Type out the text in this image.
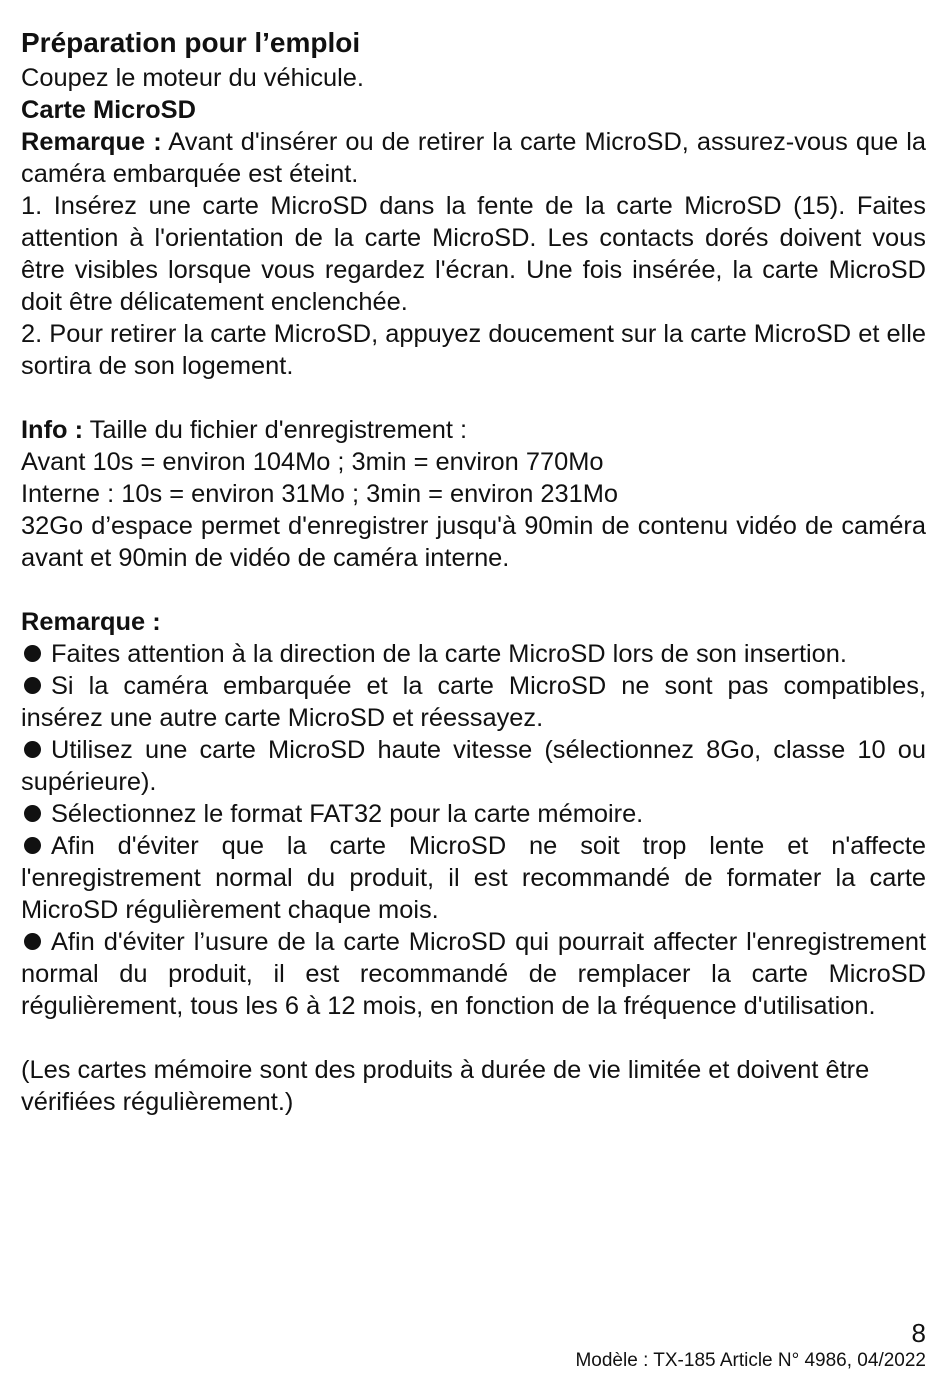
Préparation pour l’emploi

Coupez le moteur du véhicule.

Carte MicroSD

Remarque : Avant d'insérer ou de retirer la carte MicroSD, assurez-vous que la caméra embarquée est éteint.

1. Insérez une carte MicroSD dans la fente de la carte MicroSD (15). Faites attention à l'orientation de la carte MicroSD. Les contacts dorés doivent vous être visibles lorsque vous regardez l'écran. Une fois insérée, la carte MicroSD doit être délicatement enclenchée.

2. Pour retirer la carte MicroSD, appuyez doucement sur la carte MicroSD et elle sortira de son logement.

Info : Taille du fichier d'enregistrement :

Avant 10s = environ 104Mo ; 3min = environ 770Mo

Interne : 10s = environ 31Mo ; 3min = environ 231Mo

32Go d’espace permet d'enregistrer jusqu'à 90min de contenu vidéo de caméra avant et 90min de vidéo de caméra interne.

Remarque :

Faites attention à la direction de la carte MicroSD lors de son insertion.

Si la caméra embarquée et la carte MicroSD ne sont pas compatibles, insérez une autre carte MicroSD et réessayez.

Utilisez une carte MicroSD haute vitesse (sélectionnez 8Go, classe 10 ou supérieure).

Sélectionnez le format FAT32 pour la carte mémoire.

Afin d'éviter que la carte MicroSD ne soit trop lente et n'affecte l'enregistrement normal du produit, il est recommandé de formater la carte MicroSD régulièrement chaque mois.

Afin d'éviter l’usure de la carte MicroSD qui pourrait affecter l'enregistrement normal du produit, il est recommandé de remplacer la carte MicroSD régulièrement, tous les 6 à 12 mois, en fonction de la fréquence d'utilisation.

(Les cartes mémoire sont des produits à durée de vie limitée et doivent être vérifiées régulièrement.)

8
Modèle : TX-185 Article N° 4986, 04/2022
